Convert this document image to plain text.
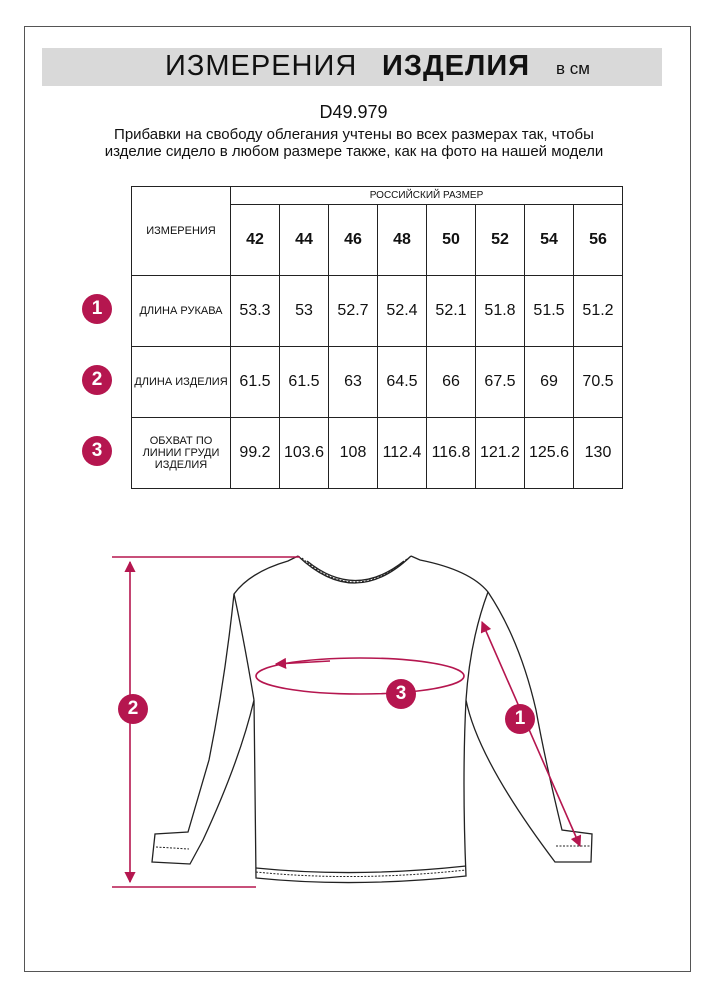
ИЗМЕРЕНИЯ ИЗДЕЛИЯ в см
D49.979
Прибавки на свободу облегания учтены во всех размерах так, чтобы изделие сидело в любом размере также, как на фото на нашей модели
ИЗМЕРЕНИЯ	РОССИЙСКИЙ РАЗМЕР							
	42	44	46	48	50	52	54	56
ДЛИНА РУКАВА	53.3	53	52.7	52.4	52.1	51.8	51.5	51.2
ДЛИНА ИЗДЕЛИЯ	61.5	61.5	63	64.5	66	67.5	69	70.5
ОБХВАТ ПО ЛИНИИ ГРУДИ ИЗДЕЛИЯ	99.2	103.6	108	112.4	116.8	121.2	125.6	130
1
2
3
2
3
1
